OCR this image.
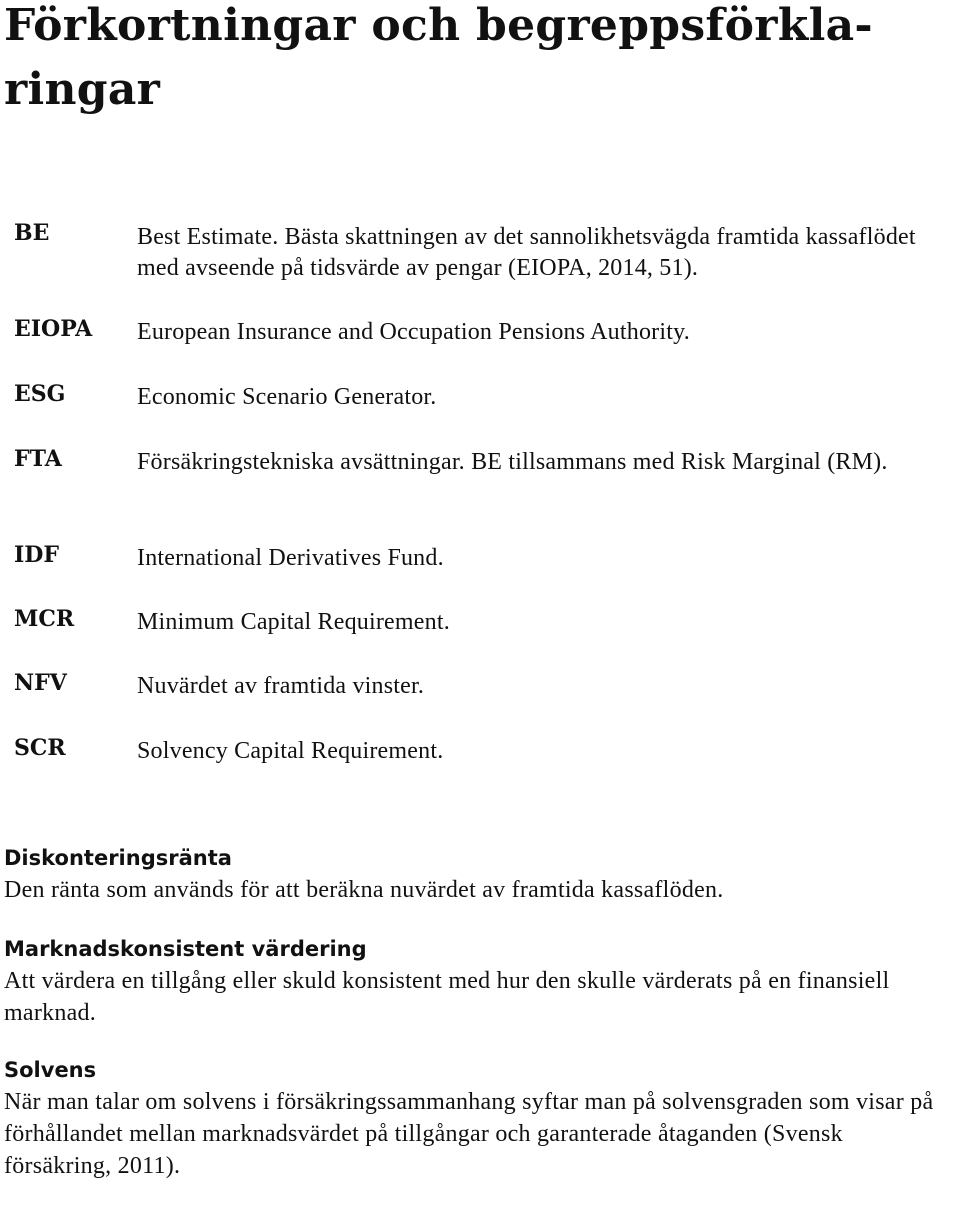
Förkortningar och begreppsförkla-
ringar
BE	Best Estimate. Bästa skattningen av det sannolikhetsvägda framtida kassaflödet med avseende på tidsvärde av pengar (EIOPA, 2014, 51).
EIOPA	European Insurance and Occupation Pensions Authority.
ESG	Economic Scenario Generator.
FTA	Försäkringstekniska avsättningar. BE tillsammans med Risk Marginal (RM).
IDF	International Derivatives Fund.
MCR	Minimum Capital Requirement.
NFV	Nuvärdet av framtida vinster.
SCR	Solvency Capital Requirement.
Diskonteringsränta
Den ränta som används för att beräkna nuvärdet av framtida kassaflöden.
Marknadskonsistent värdering
Att värdera en tillgång eller skuld konsistent med hur den skulle värderats på en finansiell marknad.
Solvens
När man talar om solvens i försäkringssammanhang syftar man på solvensgraden som visar på förhållandet mellan marknadsvärdet på tillgångar och garanterade åtaganden (Svensk försäkring, 2011).
